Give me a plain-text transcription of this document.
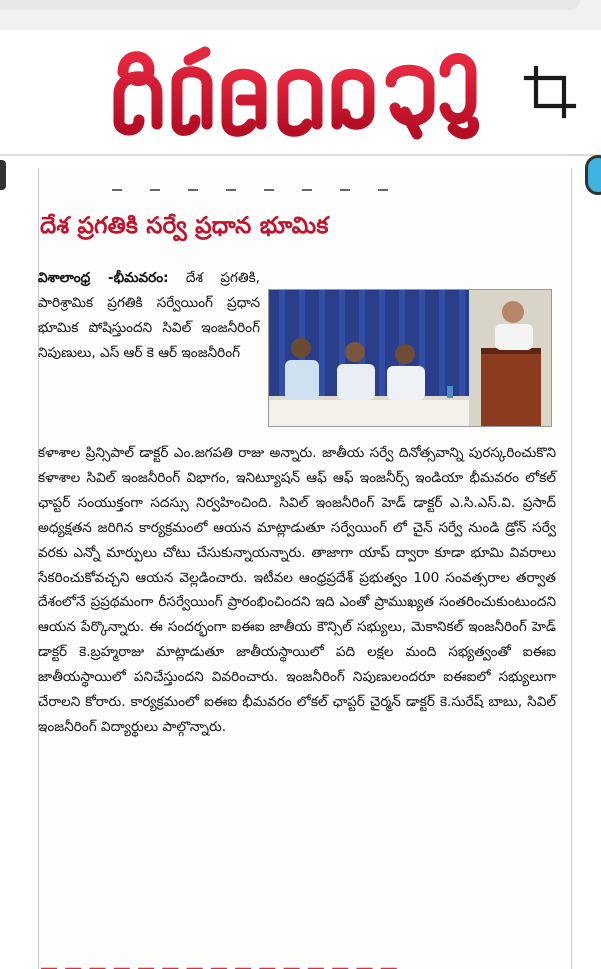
దేశ ప్రగతికి సర్వే ప్రధాన భూమిక
విశాలాంధ్ర -భీమవరం: దేశ ప్రగతికి, పారిశ్రామిక ప్రగతికి సర్వేయింగ్ ప్రధాన భూమిక పోషిస్తుందని సివిల్ ఇంజనీరింగ్ నిపుణులు, ఎస్ ఆర్ కె ఆర్ ఇంజనీరింగ్
కళాశాల ప్రిన్సిపాల్ డాక్టర్ ఎం.జగపతి రాజు అన్నారు. జాతీయ సర్వే దినోత్సవాన్ని పురస్కరించుకొని కళాశాల సివిల్ ఇంజనీరింగ్ విభాగం, ఇనిట్యూషన్ ఆఫ్ ఆఫ్ ఇంజనీర్స్ ఇండియా భీమవరం లోకల్ ఛాప్టర్ సంయుక్తంగా సదస్సు నిర్వహించింది. సివిల్ ఇంజనీరింగ్ హెడ్ డాక్టర్ ఎ.సి.ఎస్.వి. ప్రసాద్ అధ్యక్షతన జరిగిన కార్యక్రమంలో ఆయన మాట్లాడుతూ సర్వేయింగ్ లో చైన్ సర్వే నుండి డ్రోన్ సర్వే వరకు ఎన్నో మార్పులు చోటు చేసుకున్నాయన్నారు. తాజాగా యాప్ ద్వారా కూడా భూమి వివరాలు సేకరించుకోవచ్చని ఆయన వెల్లడించారు. ఇటీవల ఆంధ్రప్రదేశ్ ప్రభుత్వం 100 సంవత్సరాల తర్వాత దేశంలోనే ప్రప్రథమంగా రీసర్వేయింగ్ ప్రారంభించిందని ఇది ఎంతో ప్రాముఖ్యత సంతరించుకుంటుందని ఆయన పేర్కొన్నారు. ఈ సందర్భంగా ఐఈఐ జాతీయ కౌన్సిల్ సభ్యులు, మెకానికల్ ఇంజనీరింగ్ హెడ్ డాక్టర్ కె.బ్రహ్మరాజు మాట్లాడుతూ జాతీయస్థాయిలో పది లక్షల మంది సభ్యత్వంతో ఐఈఐ జాతీయస్థాయిలో పనిచేస్తుందని వివరించారు. ఇంజనీరింగ్ నిపుణులందరూ ఐఈఐలో సభ్యులుగా చేరాలని కోరారు. కార్యక్రమంలో ఐఈఐ భీమవరం లోకల్ ఛాప్టర్ చైర్మన్ డాక్టర్ కె.సురేష్ బాబు, సివిల్ ఇంజనీరింగ్ విద్యార్థులు పాల్గొన్నారు.
— — — — — — — — — — — — — — —
